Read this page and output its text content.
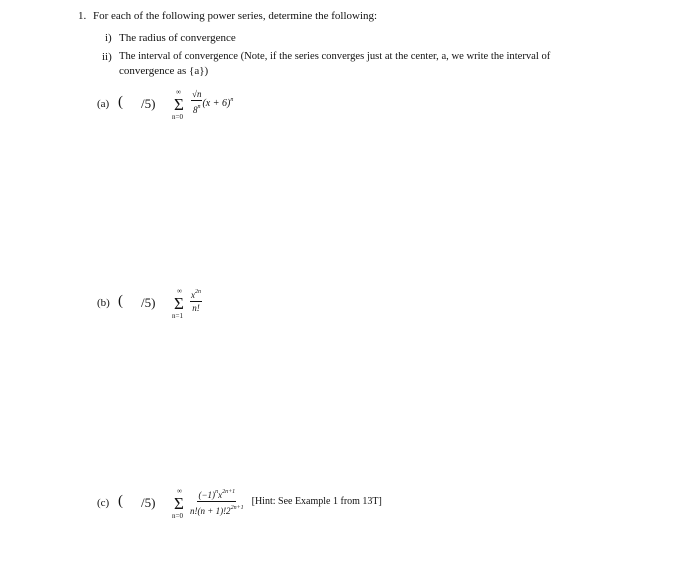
1. For each of the following power series, determine the following:
i) The radius of convergence
ii) The interval of convergence (Note, if the series converges just at the center, a, we write the interval of
convergence as {a})
(a) ( /5)
∞
Σ
n=0
$\frac{√n}{8^n} (x + 6)^n$
(b) ( /5)
∞
Σ
n=1
$\frac{x^{2n}}{n!}$
(c) ( /5)
∞
Σ
$n=0 \frac{(-1)^nx^{2n+1}}{n!(n + 1)!2^{2n+1}}$ [Hint: See Example 1 from 13T]
